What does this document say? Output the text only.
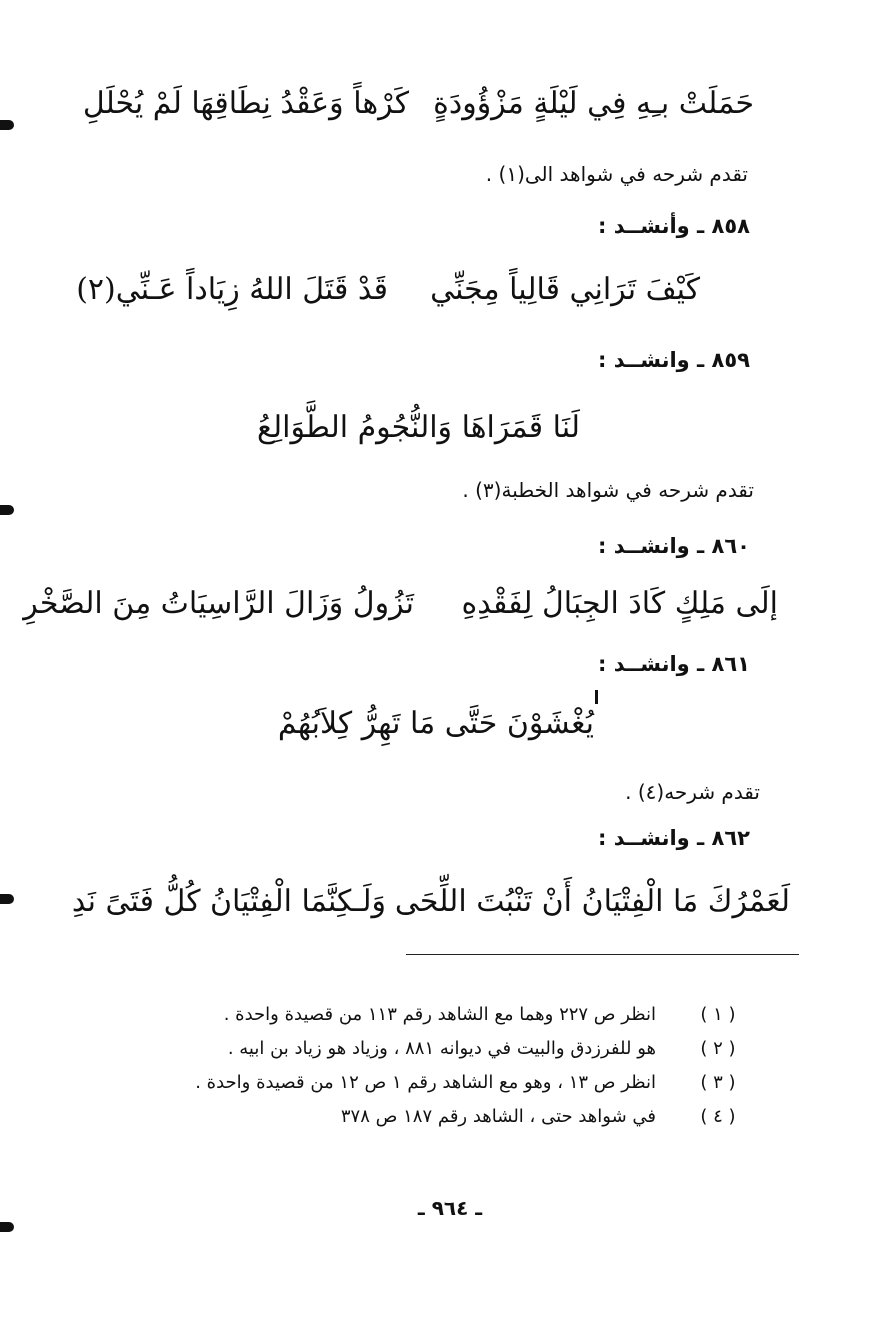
حَمَلَتْ بـِهِ فِي لَيْلَةٍ مَزْؤُودَةٍ
كَرْهاً وَعَقْدُ نِطَاقِهَا لَمْ يُحْلَلِ
تقدم شرحه في شواهد الى(١) .
٨٥٨ ـ وأنشــد :
كَيْفَ تَرَانِي قَالِياً مِجَنِّي
قَدْ قَتَلَ اللهُ زِيَاداً عَـنِّي(٢)
٨٥٩ ـ وانشــد :
لَنَا قَمَرَاهَا وَالنُّجُومُ الطَّوَالِعُ
تقدم شرحه في شواهد الخطبة(٣) .
٨٦٠ ـ وانشــد :
إلَى مَلِكٍ كَادَ الجِبَالُ لِفَقْدِهِ
تَزُولُ وَزَالَ الرَّاسِيَاتُ مِنَ الصَّخْرِ
٨٦١ ـ وانشــد :
يُغْشَوْنَ حَتَّى مَا تَهِرُّ كِلاَبُهُمْ
تقدم شرحه(٤) .
٨٦٢ ـ وانشــد :
لَعَمْرُكَ مَا الْفِتْيَانُ أَنْ تَنْبُتَ اللِّحَى
وَلَـكِنَّمَا الْفِتْيَانُ كُلُّ فَتَىً نَدِ
( ١ )
انظر ص ٢٢٧ وهما مع الشاهد رقم ١١٣ من قصيدة واحدة .
( ٢ )
هو للفرزدق والبيت في ديوانه ٨٨١ ، وزياد هو زياد بن ابيه .
( ٣ )
انظر ص ١٣ ، وهو مع الشاهد رقم ١ ص ١٢ من قصيدة واحدة .
( ٤ )
في شواهد حتى ، الشاهد رقم ١٨٧ ص ٣٧٨
ـ ٩٦٤ ـ
